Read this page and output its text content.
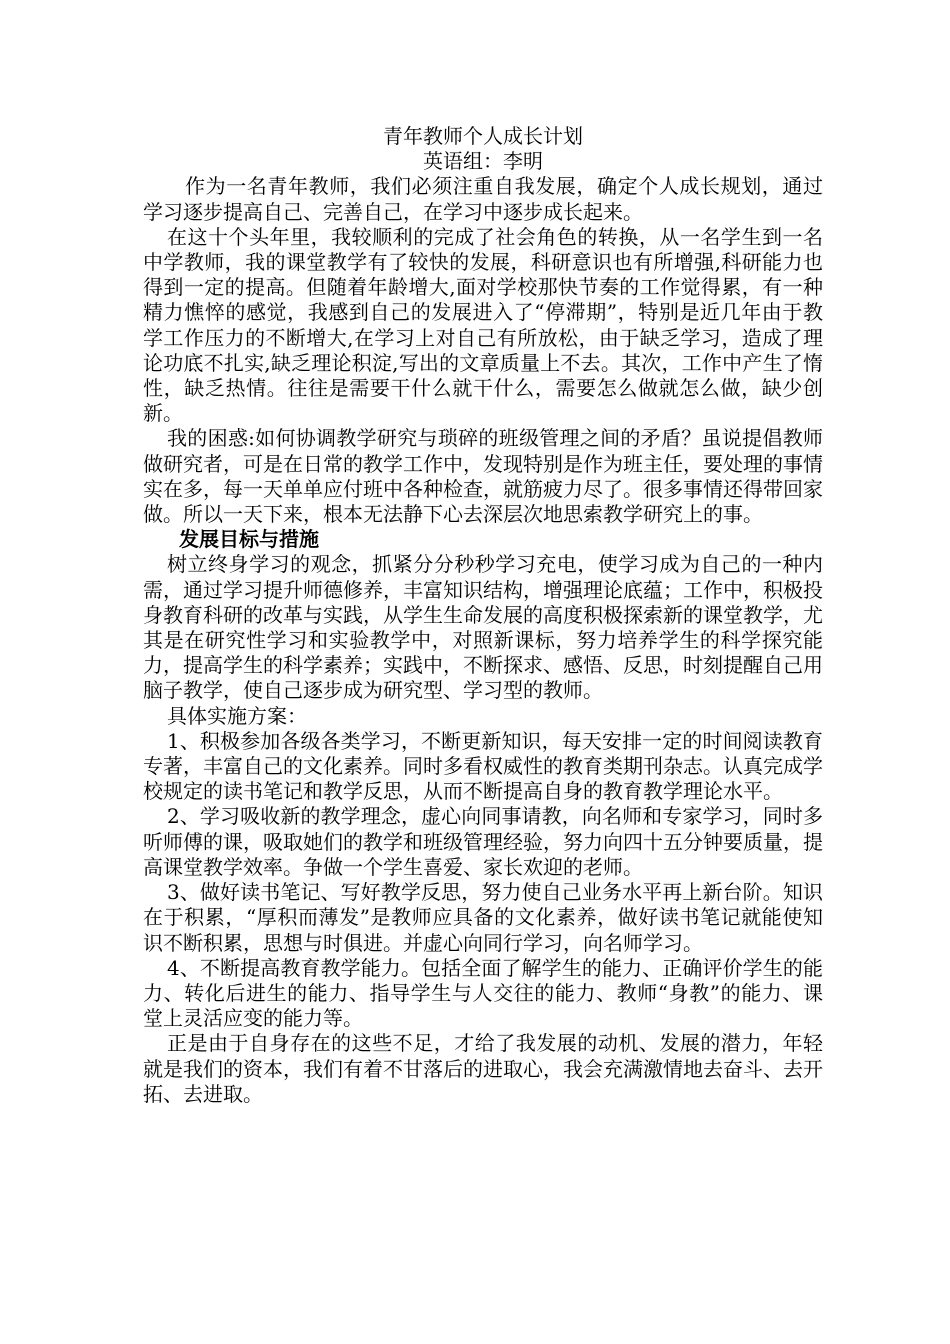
青年教师个人成长计划

英语组：李明

作为一名青年教师，我们必须注重自我发展，确定个人成长规划，通过学习逐步提高自己、完善自己，在学习中逐步成长起来。

在这十个头年里，我较顺利的完成了社会角色的转换，从一名学生到一名中学教师，我的课堂教学有了较快的发展，科研意识也有所增强,科研能力也得到一定的提高。但随着年龄增大,面对学校那快节奏的工作觉得累，有一种精力憔悴的感觉，我感到自己的发展进入了“停滞期”，特别是近几年由于教学工作压力的不断增大,在学习上对自己有所放松，由于缺乏学习，造成了理论功底不扎实,缺乏理论积淀,写出的文章质量上不去。其次，工作中产生了惰性，缺乏热情。往往是需要干什么就干什么，需要怎么做就怎么做，缺少创新。

我的困惑:如何协调教学研究与琐碎的班级管理之间的矛盾？虽说提倡教师做研究者，可是在日常的教学工作中，发现特别是作为班主任，要处理的事情实在多，每一天单单应付班中各种检查，就筋疲力尽了。很多事情还得带回家做。所以一天下来，根本无法静下心去深层次地思索教学研究上的事。

发展目标与措施

树立终身学习的观念，抓紧分分秒秒学习充电，使学习成为自己的一种内需，通过学习提升师德修养，丰富知识结构，增强理论底蕴；工作中，积极投身教育科研的改革与实践，从学生生命发展的高度积极探索新的课堂教学，尤其是在研究性学习和实验教学中，对照新课标，努力培养学生的科学探究能力，提高学生的科学素养；实践中，不断探求、感悟、反思，时刻提醒自己用脑子教学，使自己逐步成为研究型、学习型的教师。

具体实施方案：

1、积极参加各级各类学习，不断更新知识，每天安排一定的时间阅读教育专著，丰富自己的文化素养。同时多看权威性的教育类期刊杂志。认真完成学校规定的读书笔记和教学反思，从而不断提高自身的教育教学理论水平。

2、学习吸收新的教学理念，虚心向同事请教，向名师和专家学习，同时多听师傅的课，吸取她们的教学和班级管理经验，努力向四十五分钟要质量，提高课堂教学效率。争做一个学生喜爱、家长欢迎的老师。

3、做好读书笔记、写好教学反思，努力使自己业务水平再上新台阶。知识在于积累，“厚积而薄发”是教师应具备的文化素养，做好读书笔记就能使知识不断积累，思想与时俱进。并虚心向同行学习，向名师学习。

4、不断提高教育教学能力。包括全面了解学生的能力、正确评价学生的能力、转化后进生的能力、指导学生与人交往的能力、教师“身教”的能力、课堂上灵活应变的能力等。

正是由于自身存在的这些不足，才给了我发展的动机、发展的潜力，年轻就是我们的资本，我们有着不甘落后的进取心，我会充满激情地去奋斗、去开拓、去进取。
